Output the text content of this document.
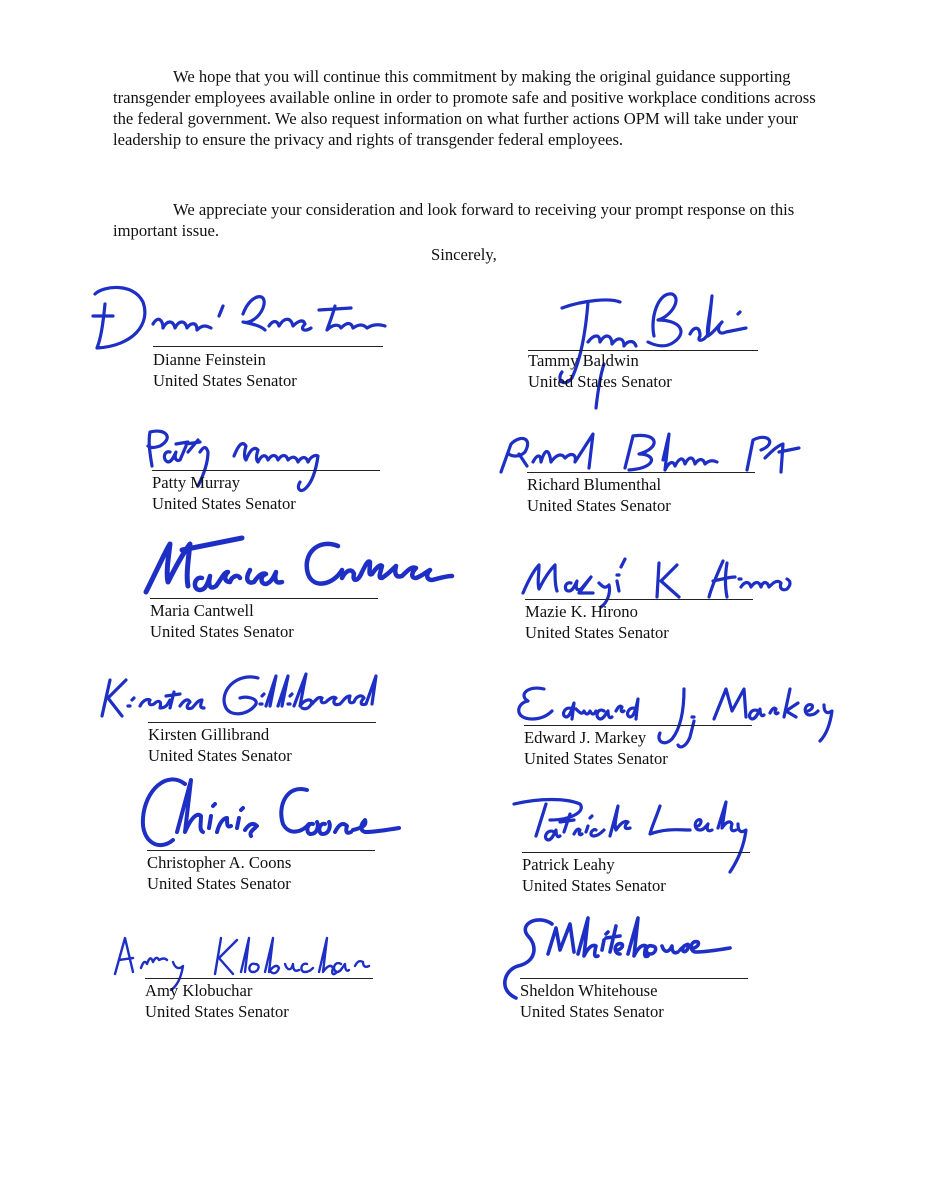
We hope that you will continue this commitment by making the original guidance supporting transgender employees available online in order to promote safe and positive workplace conditions across the federal government. We also request information on what further actions OPM will take under your leadership to ensure the privacy and rights of transgender federal employees.

We appreciate your consideration and look forward to receiving your prompt response on this important issue.

Sincerely,
Dianne Feinstein
United States Senator
Tammy Baldwin
United States Senator
Patty Murray
United States Senator
Richard Blumenthal
United States Senator
Maria Cantwell
United States Senator
Mazie K. Hirono
United States Senator
Kirsten Gillibrand
United States Senator
Edward J. Markey
United States Senator
Christopher A. Coons
United States Senator
Patrick Leahy
United States Senator
Amy Klobuchar
United States Senator
Sheldon Whitehouse
United States Senator
